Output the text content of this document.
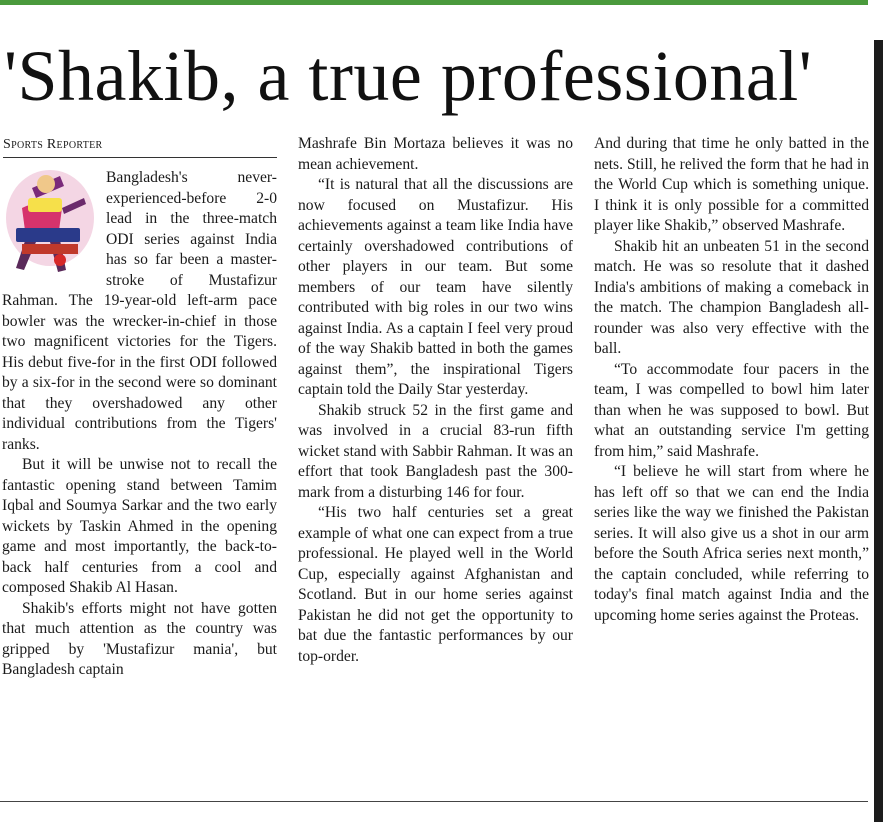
'Shakib, a true professional'
Sports Reporter

Bangladesh's never-experienced-before 2-0 lead in the three-match ODI series against India has so far been a master-stroke of Mustafizur Rahman. The 19-year-old left-arm pace bowler was the wrecker-in-chief in those two magnificent victories for the Tigers. His debut five-for in the first ODI followed by a six-for in the second were so dominant that they overshadowed any other individual contributions from the Tigers' ranks.

But it will be unwise not to recall the fantastic opening stand between Tamim Iqbal and Soumya Sarkar and the two early wickets by Taskin Ahmed in the opening game and most importantly, the back-to-back half centuries from a cool and composed Shakib Al Hasan.

Shakib's efforts might not have gotten that much attention as the country was gripped by 'Mustafizur mania', but Bangladesh captain

Mashrafe Bin Mortaza believes it was no mean achievement.

“It is natural that all the discussions are now focused on Mustafizur. His achievements against a team like India have certainly overshadowed contributions of other players in our team. But some members of our team have silently contributed with big roles in our two wins against India. As a captain I feel very proud of the way Shakib batted in both the games against them”, the inspirational Tigers captain told the Daily Star yesterday.

Shakib struck 52 in the first game and was involved in a crucial 83-run fifth wicket stand with Sabbir Rahman. It was an effort that took Bangladesh past the 300-mark from a disturbing 146 for four.

“His two half centuries set a great example of what one can expect from a true professional. He played well in the World Cup, especially against Afghanistan and Scotland. But in our home series against Pakistan he did not get the opportunity to bat due the fantastic performances by our top-order.

And during that time he only batted in the nets. Still, he relived the form that he had in the World Cup which is something unique. I think it is only possible for a committed player like Shakib,” observed Mashrafe.

Shakib hit an unbeaten 51 in the second match. He was so resolute that it dashed India's ambitions of making a comeback in the match. The champion Bangladesh all-rounder was also very effective with the ball.

“To accommodate four pacers in the team, I was compelled to bowl him later than when he was supposed to bowl. But what an outstanding service I'm getting from him,” said Mashrafe.

“I believe he will start from where he has left off so that we can end the India series like the way we finished the Pakistan series. It will also give us a shot in our arm before the South Africa series next month,” the captain concluded, while referring to today's final match against India and the upcoming home series against the Proteas.
